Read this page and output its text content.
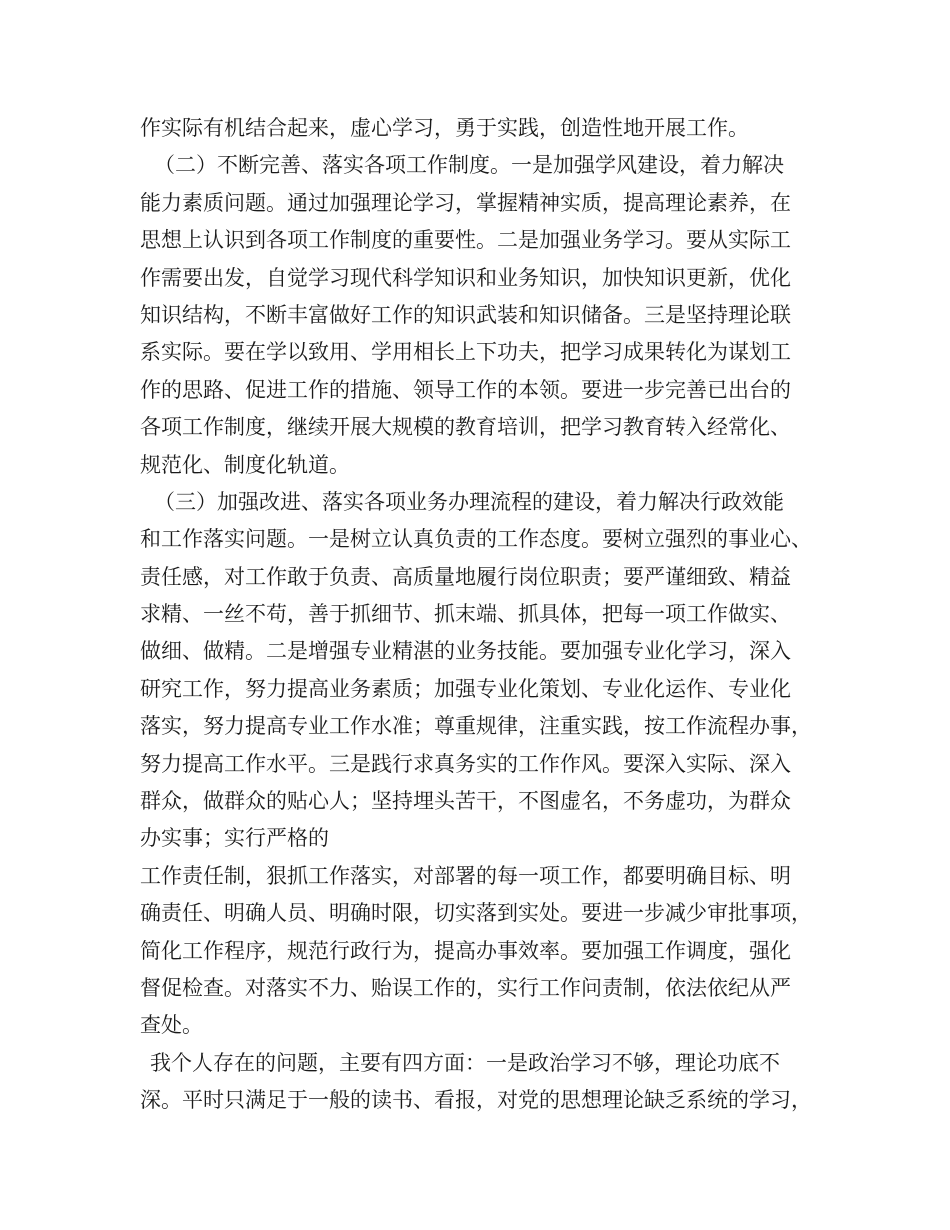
作实际有机结合起来，虚心学习，勇于实践，创造性地开展工作。
（二）不断完善、落实各项工作制度。一是加强学风建设，着力解决
能力素质问题。通过加强理论学习，掌握精神实质，提高理论素养，在
思想上认识到各项工作制度的重要性。二是加强业务学习。要从实际工
作需要出发，自觉学习现代科学知识和业务知识，加快知识更新，优化
知识结构，不断丰富做好工作的知识武装和知识储备。三是坚持理论联
系实际。要在学以致用、学用相长上下功夫，把学习成果转化为谋划工
作的思路、促进工作的措施、领导工作的本领。要进一步完善已出台的
各项工作制度，继续开展大规模的教育培训，把学习教育转入经常化、
规范化、制度化轨道。
（三）加强改进、落实各项业务办理流程的建设，着力解决行政效能
和工作落实问题。一是树立认真负责的工作态度。要树立强烈的事业心、
责任感，对工作敢于负责、高质量地履行岗位职责；要严谨细致、精益
求精、一丝不苟，善于抓细节、抓末端、抓具体，把每一项工作做实、
做细、做精。二是增强专业精湛的业务技能。要加强专业化学习，深入
研究工作，努力提高业务素质；加强专业化策划、专业化运作、专业化
落实，努力提高专业工作水准；尊重规律，注重实践，按工作流程办事，
努力提高工作水平。三是践行求真务实的工作作风。要深入实际、深入
群众，做群众的贴心人；坚持埋头苦干，不图虚名，不务虚功，为群众
办实事；实行严格的
工作责任制，狠抓工作落实，对部署的每一项工作，都要明确目标、明
确责任、明确人员、明确时限，切实落到实处。要进一步减少审批事项，
简化工作程序，规范行政行为，提高办事效率。要加强工作调度，强化
督促检查。对落实不力、贻误工作的，实行工作问责制，依法依纪从严
查处。
我个人存在的问题，主要有四方面：一是政治学习不够，理论功底不
深。平时只满足于一般的读书、看报，对党的思想理论缺乏系统的学习，
